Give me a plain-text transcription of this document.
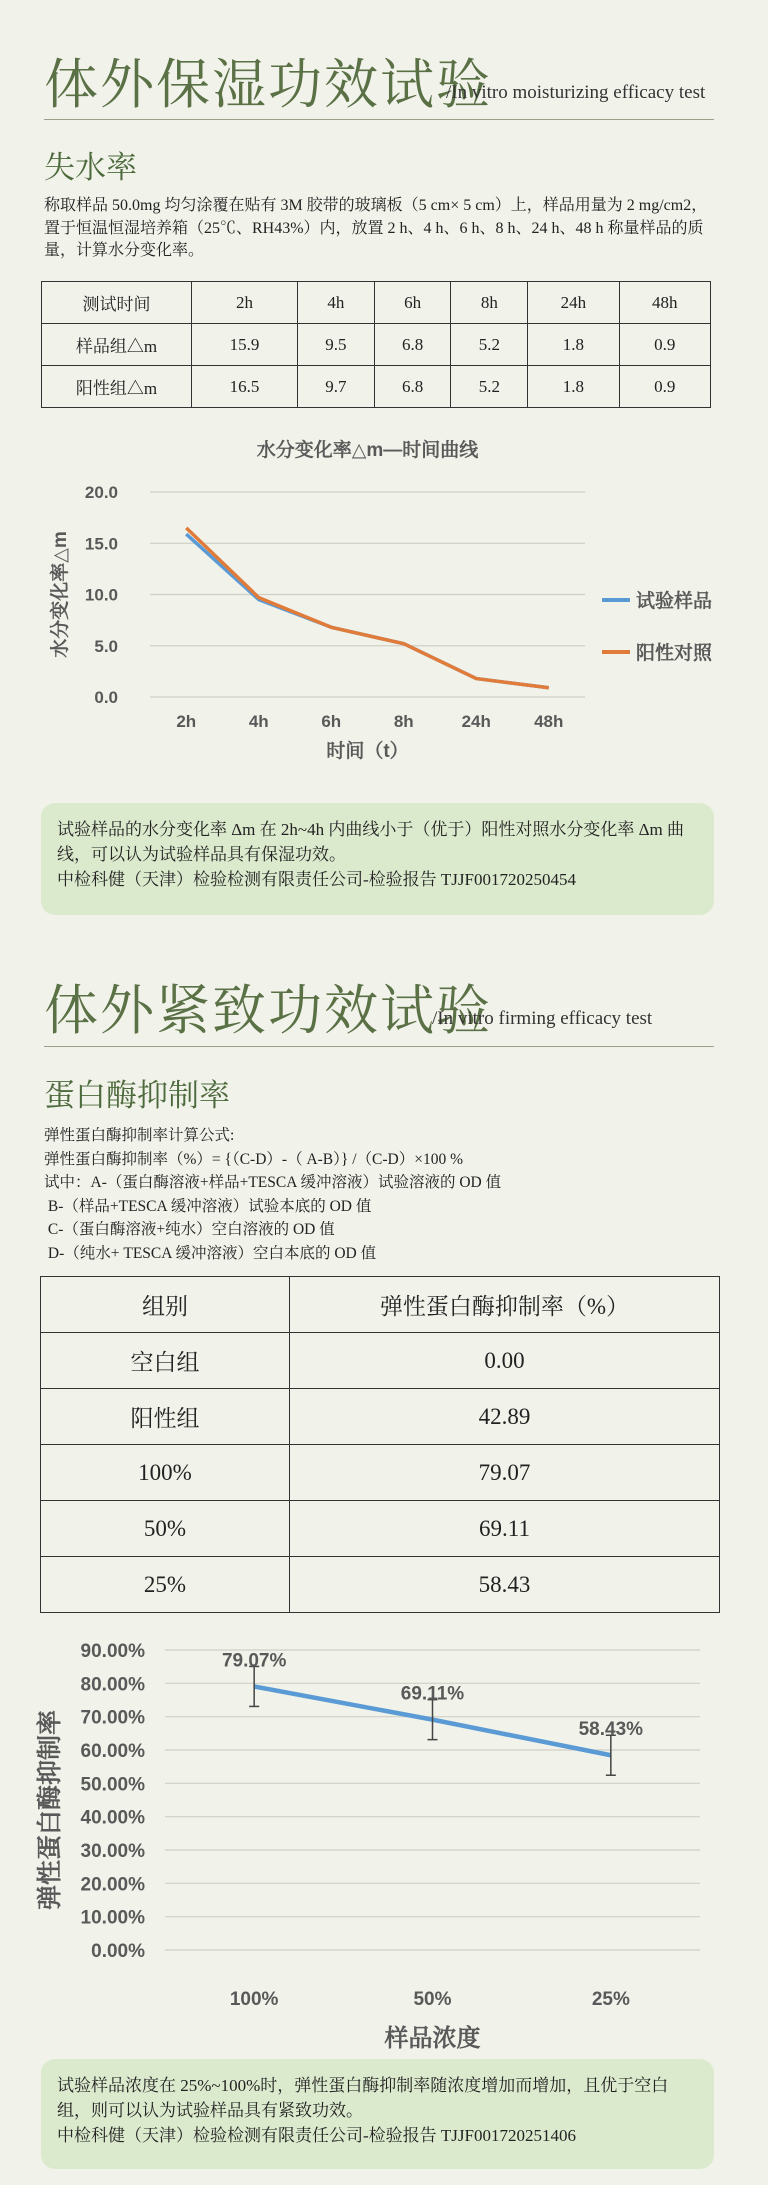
体外保湿功效试验
/In vitro moisturizing efficacy test
失水率
称取样品 50.0mg 均匀涂覆在贴有 3M 胶带的玻璃板（5 cm× 5 cm）上，样品用量为 2 mg/cm2，置于恒温恒湿培养箱（25℃、RH43%）内，放置 2 h、4 h、6 h、8 h、24 h、48 h 称量样品的质量，计算水分变化率。
测试时间	2h	4h	6h	8h	24h	48h
样品组△m	15.9	9.5	6.8	5.2	1.8	0.9
阳性组△m	16.5	9.7	6.8	5.2	1.8	0.9
水分变化率△m—时间曲线
0.0
5.0
10.0
15.0
20.0
2h	4h	6h	8h	24h	48h
时间（t）
水分变化率△m	试验样品
阳性对照
试验样品的水分变化率 Δm 在 2h~4h 内曲线小于（优于）阳性对照水分变化率 Δm 曲线，可以认为试验样品具有保湿功效。
中检科健（天津）检验检测有限责任公司-检验报告 TJJF001720250454
体外紧致功效试验
/In vitro firming efficacy test
蛋白酶抑制率
弹性蛋白酶抑制率计算公式:
弹性蛋白酶抑制率（%）= {（C-D）-（ A-B）} /（C-D）×100 %
试中：A-（蛋白酶溶液+样品+TESCA 缓冲溶液）试验溶液的 OD 值
B-（样品+TESCA 缓冲溶液）试验本底的 OD 值
C-（蛋白酶溶液+纯水）空白溶液的 OD 值
D-（纯水+ TESCA 缓冲溶液）空白本底的 OD 值
组别	弹性蛋白酶抑制率（%）
空白组	0.00
阳性组	42.89
100%	79.07
50%	69.11
25%	58.43
0.00%
10.00%
20.00%
30.00%
40.00%
50.00%
60.00%
70.00%
80.00%
90.00%
100%	50%	25%
样品浓度
弹性蛋白酶抑制率
79.07%
69.11%
58.43%
试验样品浓度在 25%~100%时，弹性蛋白酶抑制率随浓度增加而增加，且优于空白组，则可以认为试验样品具有紧致功效。
中检科健（天津）检验检测有限责任公司-检验报告 TJJF001720251406
